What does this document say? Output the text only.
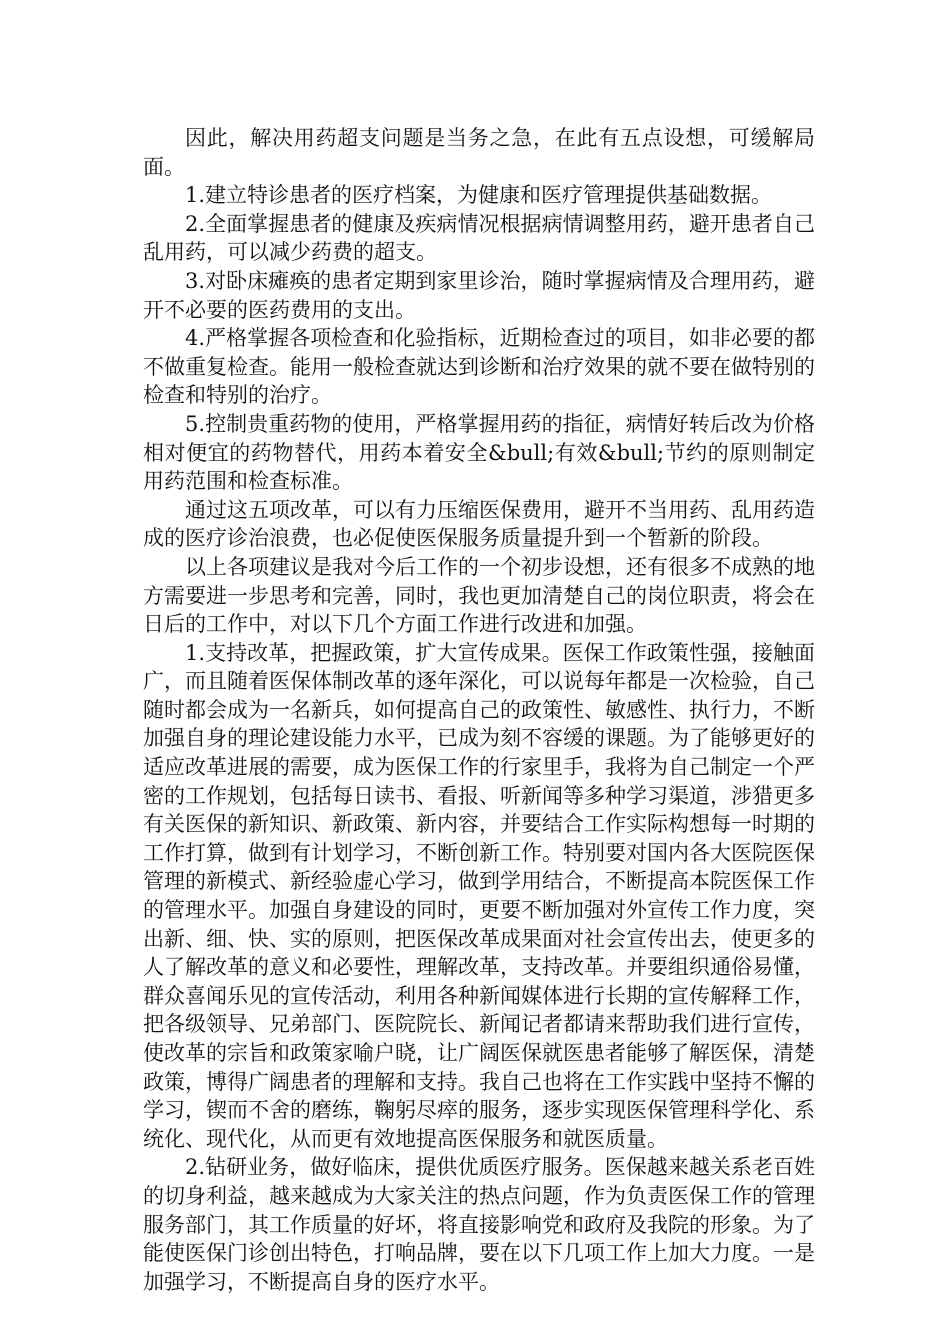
因此，解决用药超支问题是当务之急，在此有五点设想，可缓解局面。

1.建立特诊患者的医疗档案，为健康和医疗管理提供基础数据。

2.全面掌握患者的健康及疾病情况根据病情调整用药，避开患者自己乱用药，可以减少药费的超支。

3.对卧床瘫痪的患者定期到家里诊治，随时掌握病情及合理用药，避开不必要的医药费用的支出。

4.严格掌握各项检查和化验指标，近期检查过的项目，如非必要的都不做重复检查。能用一般检查就达到诊断和治疗效果的就不要在做特别的检查和特别的治疗。

5.控制贵重药物的使用，严格掌握用药的指征，病情好转后改为价格相对便宜的药物替代，用药本着安全&bull;有效&bull;节约的原则制定用药范围和检查标准。

通过这五项改革，可以有力压缩医保费用，避开不当用药、乱用药造成的医疗诊治浪费，也必促使医保服务质量提升到一个暂新的阶段。

以上各项建议是我对今后工作的一个初步设想，还有很多不成熟的地方需要进一步思考和完善，同时，我也更加清楚自己的岗位职责，将会在日后的工作中，对以下几个方面工作进行改进和加强。

1.支持改革，把握政策，扩大宣传成果。医保工作政策性强，接触面广，而且随着医保体制改革的逐年深化，可以说每年都是一次检验，自己随时都会成为一名新兵，如何提高自己的政策性、敏感性、执行力，不断加强自身的理论建设能力水平，已成为刻不容缓的课题。为了能够更好的适应改革进展的需要，成为医保工作的行家里手，我将为自己制定一个严密的工作规划，包括每日读书、看报、听新闻等多种学习渠道，涉猎更多有关医保的新知识、新政策、新内容，并要结合工作实际构想每一时期的工作打算，做到有计划学习，不断创新工作。特别要对国内各大医院医保管理的新模式、新经验虚心学习，做到学用结合，不断提高本院医保工作的管理水平。加强自身建设的同时，更要不断加强对外宣传工作力度，突出新、细、快、实的原则，把医保改革成果面对社会宣传出去，使更多的人了解改革的意义和必要性，理解改革，支持改革。并要组织通俗易懂，群众喜闻乐见的宣传活动，利用各种新闻媒体进行长期的宣传解释工作，把各级领导、兄弟部门、医院院长、新闻记者都请来帮助我们进行宣传，使改革的宗旨和政策家喻户晓，让广阔医保就医患者能够了解医保，清楚政策，博得广阔患者的理解和支持。我自己也将在工作实践中坚持不懈的学习，锲而不舍的磨练，鞠躬尽瘁的服务，逐步实现医保管理科学化、系统化、现代化，从而更有效地提高医保服务和就医质量。

2.钻研业务，做好临床，提供优质医疗服务。医保越来越关系老百姓的切身利益，越来越成为大家关注的热点问题，作为负责医保工作的管理服务部门，其工作质量的好坏，将直接影响党和政府及我院的形象。为了能使医保门诊创出特色，打响品牌，要在以下几项工作上加大力度。一是加强学习，不断提高自身的医疗水平。
